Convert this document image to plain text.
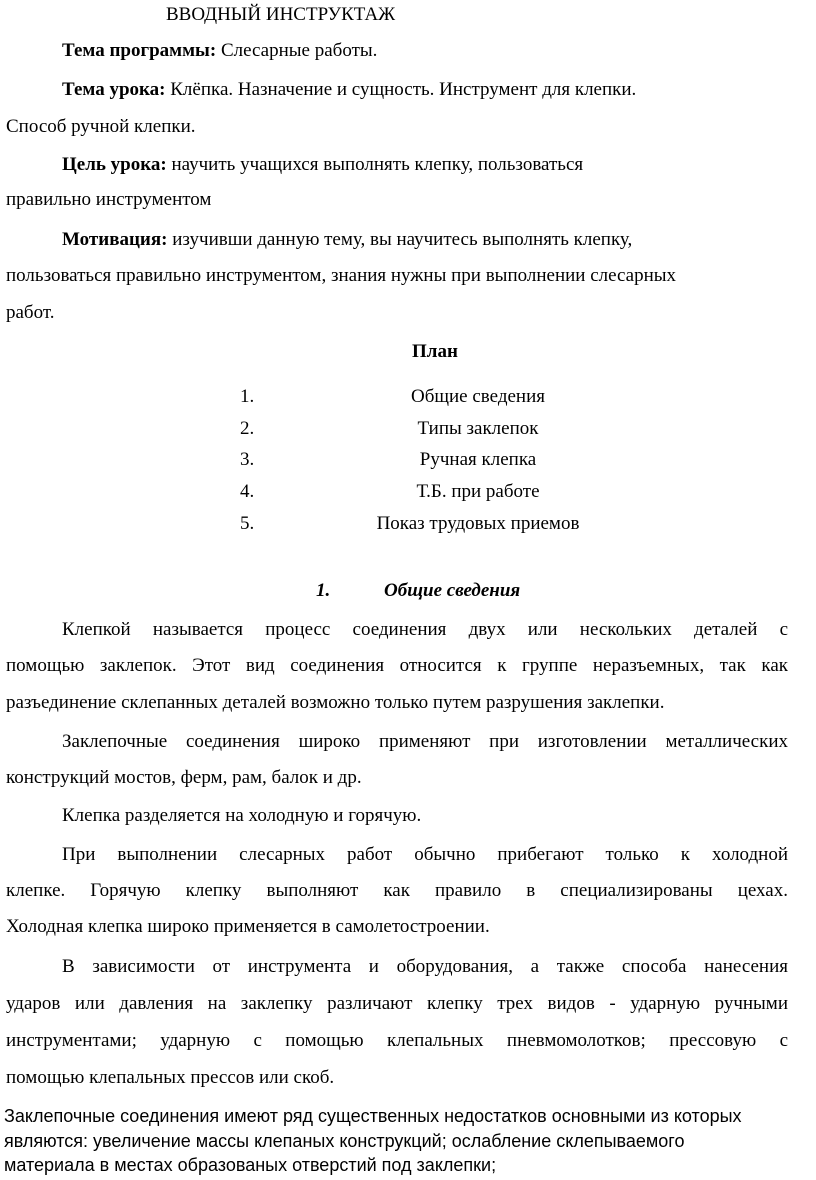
ВВОДНЫЙ ИНСТРУКТАЖ
Тема программы: Слесарные работы.
Тема урока: Клёпка. Назначение и сущность. Инструмент для клепки.
Способ ручной клепки.
Цель урока: научить учащихся выполнять клепку, пользоваться
правильно инструментом
Мотивация: изучивши данную тему, вы научитесь выполнять клепку,
пользоваться правильно инструментом, знания нужны при выполнении слесарных
работ.
План
1.	Общие сведения
2.	Типы заклепок
3.	Ручная клепка
4.	Т.Б. при работе
5.	Показ трудовых приемов
1.	Общие сведения
Клепкой называется процесс соединения двух или нескольких деталей с
помощью заклепок. Этот вид соединения относится к группе неразъемных, так как
разъединение склепанных деталей возможно только путем разрушения заклепки.
Заклепочные соединения широко применяют при изготовлении металлических
конструкций мостов, ферм, рам, балок и др.
Клепка разделяется на холодную и горячую.
При выполнении слесарных работ обычно прибегают только к холодной
клепке. Горячую клепку выполняют как правило в специализированы цехах.
Холодная клепка широко применяется в самолетостроении.
В зависимости от инструмента и оборудования, а также способа нанесения
ударов или давления на заклепку различают клепку трех видов - ударную ручными
инструментами; ударную с помощью клепальных пневмомолотков; прессовую с
помощью клепальных прессов или скоб.
Заклепочные соединения имеют ряд существенных недостатков основными из которых
являются: увеличение массы клепаных конструкций; ослабление склепываемого
материала в местах образованых отверстий под заклепки;
